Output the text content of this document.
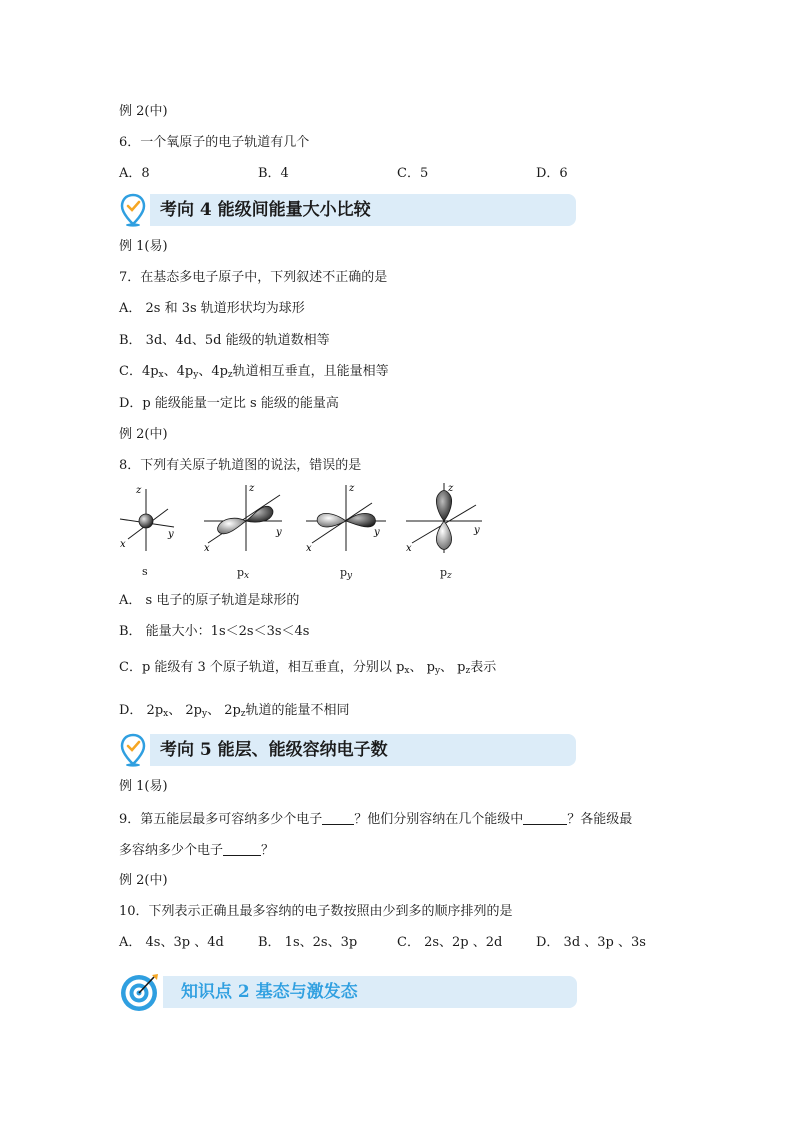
例 2(中)
6．一个氧原子的电子轨道有几个
A．8	B．4	C．5	D．6
考向 4 能级间能量大小比较
例 1(易)
7．在基态多电子原子中，下列叙述不正确的是
A． 2s 和 3s 轨道形状均为球形
B． 3d、4d、5d 能级的轨道数相等
C．$4p_x$、$4p_y$、$4p_z$轨道相互垂直，且能量相等
D．p 能级能量一定比 s 能级的能量高
例 2(中)
8．下列有关原子轨道图的说法，错误的是
z
y
x
z
y
x
z
y
x
z
y
x
s	$p_x$	$p_y$	$p_z$
A． s 电子的原子轨道是球形的
B． 能量大小：1s＜2s＜3s＜4s
C．p 能级有 3 个原子轨道，相互垂直，分别以 $p_x$、 $p_y$、 $p_z$表示
D． $2p_x$、 $2p_y$、 $2p_z$轨道的能量不相同
考向 5 能层、能级容纳电子数
例 1(易)
9．第五能层最多可容纳多少个电子 ？他们分别容纳在几个能级中	？各能级最
多容纳多少个电子	？
例 2(中)
10．下列表示正确且最多容纳的电子数按照由少到多的顺序排列的是
A． 4s、3p 、4d	B． 1s、2s、3p	C． 2s、2p 、2d	D． 3d 、3p 、3s
知识点 2 基态与激发态
